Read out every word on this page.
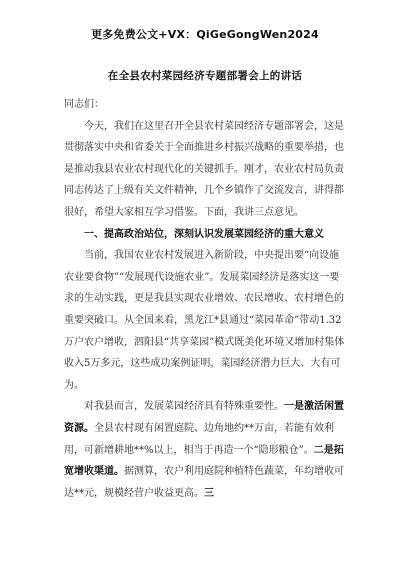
更多免费公文+VX：QiGeGongWen2024
在全县农村菜园经济专题部署会上的讲话

同志们：

今天，我们在这里召开全县农村菜园经济专题部署会，这是贯彻落实中央和省委关于全面推进乡村振兴战略的重要举措，也是推动我县农业农村现代化的关键抓手。刚才，农业农村局负责同志传达了上级有关文件精神，几个乡镇作了交流发言，讲得都很好，希望大家相互学习借鉴。下面，我讲三点意见。

一、提高政治站位，深刻认识发展菜园经济的重大意义

当前，我国农业农村发展进入新阶段，中央提出要“向设施农业要食物”“发展现代设施农业”。发展菜园经济是落实这一要求的生动实践，更是我县实现农业增效、农民增收、农村增色的重要突破口。从全国来看，黑龙江*县通过“菜园革命”带动1.32万户农户增收，泗阳县“共享菜园”模式既美化环境又增加村集体收入5万多元，这些成功案例证明，菜园经济潜力巨大、大有可为。

对我县而言，发展菜园经济具有特殊重要性。一是激活闲置资源。全县农村现有闲置庭院、边角地约**万亩，若能有效利用，可新增耕地**%以上，相当于再造一个“隐形粮仓”。二是拓宽增收渠道。据测算，农户利用庭院种植特色蔬菜，年均增收可达**元，规模经营户收益更高。三
